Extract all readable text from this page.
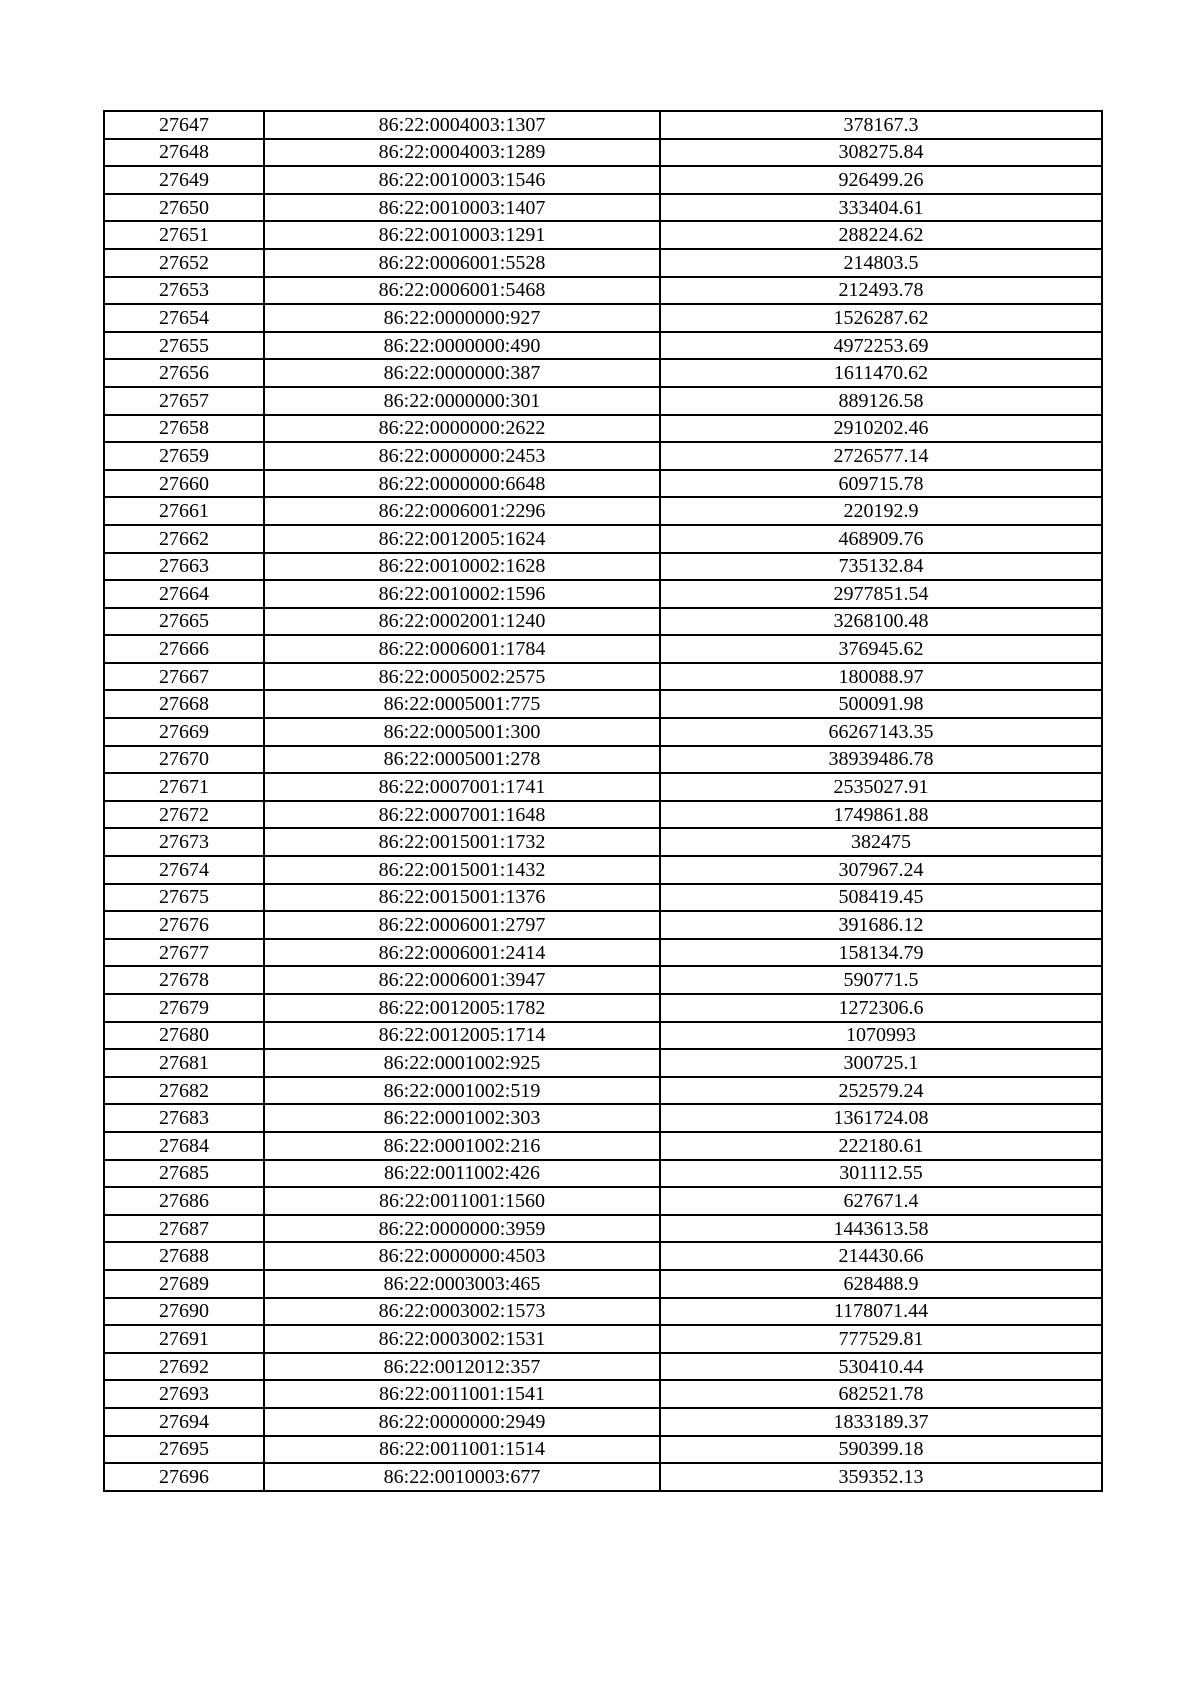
27647	86:22:0004003:1307	378167.3
27648	86:22:0004003:1289	308275.84
27649	86:22:0010003:1546	926499.26
27650	86:22:0010003:1407	333404.61
27651	86:22:0010003:1291	288224.62
27652	86:22:0006001:5528	214803.5
27653	86:22:0006001:5468	212493.78
27654	86:22:0000000:927	1526287.62
27655	86:22:0000000:490	4972253.69
27656	86:22:0000000:387	1611470.62
27657	86:22:0000000:301	889126.58
27658	86:22:0000000:2622	2910202.46
27659	86:22:0000000:2453	2726577.14
27660	86:22:0000000:6648	609715.78
27661	86:22:0006001:2296	220192.9
27662	86:22:0012005:1624	468909.76
27663	86:22:0010002:1628	735132.84
27664	86:22:0010002:1596	2977851.54
27665	86:22:0002001:1240	3268100.48
27666	86:22:0006001:1784	376945.62
27667	86:22:0005002:2575	180088.97
27668	86:22:0005001:775	500091.98
27669	86:22:0005001:300	66267143.35
27670	86:22:0005001:278	38939486.78
27671	86:22:0007001:1741	2535027.91
27672	86:22:0007001:1648	1749861.88
27673	86:22:0015001:1732	382475
27674	86:22:0015001:1432	307967.24
27675	86:22:0015001:1376	508419.45
27676	86:22:0006001:2797	391686.12
27677	86:22:0006001:2414	158134.79
27678	86:22:0006001:3947	590771.5
27679	86:22:0012005:1782	1272306.6
27680	86:22:0012005:1714	1070993
27681	86:22:0001002:925	300725.1
27682	86:22:0001002:519	252579.24
27683	86:22:0001002:303	1361724.08
27684	86:22:0001002:216	222180.61
27685	86:22:0011002:426	301112.55
27686	86:22:0011001:1560	627671.4
27687	86:22:0000000:3959	1443613.58
27688	86:22:0000000:4503	214430.66
27689	86:22:0003003:465	628488.9
27690	86:22:0003002:1573	1178071.44
27691	86:22:0003002:1531	777529.81
27692	86:22:0012012:357	530410.44
27693	86:22:0011001:1541	682521.78
27694	86:22:0000000:2949	1833189.37
27695	86:22:0011001:1514	590399.18
27696	86:22:0010003:677	359352.13
